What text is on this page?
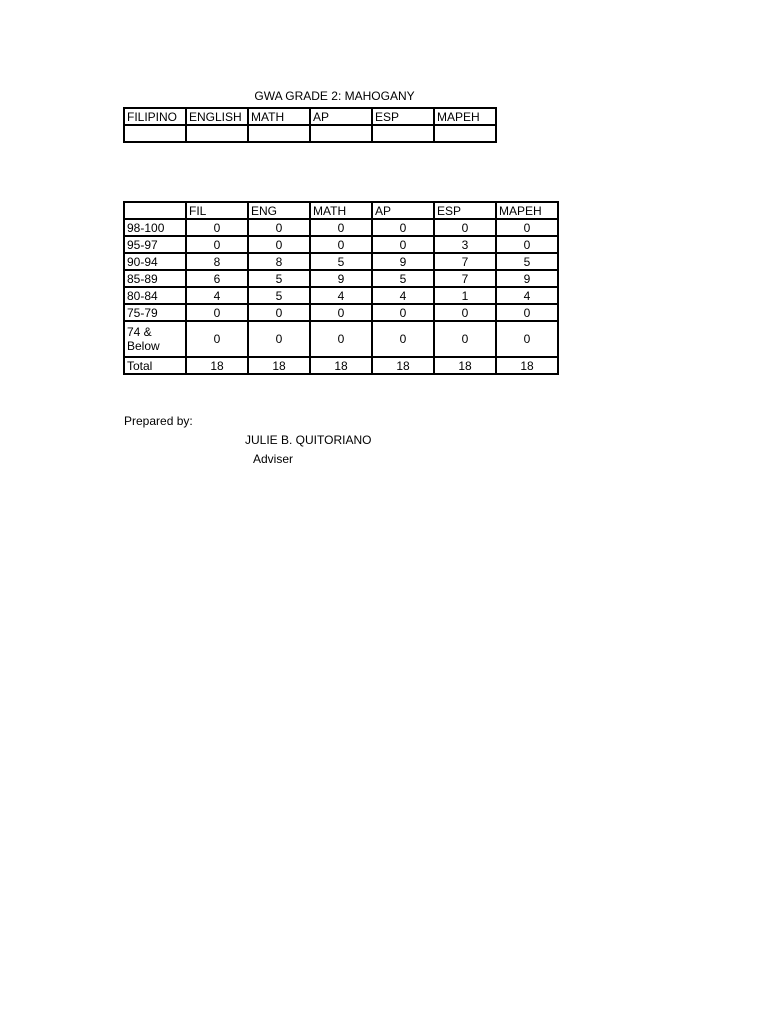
GWA GRADE 2: MAHOGANY
FILIPINO	ENGLISH	MATH	AP	ESP	MAPEH

	FIL	ENG	MATH	AP	ESP	MAPEH
98-100	0	0	0	0	0	0
95-97	0	0	0	0	3	0
90-94	8	8	5	9	7	5
85-89	6	5	9	5	7	9
80-84	4	5	4	4	1	4
75-79	0	0	0	0	0	0
74 & Below	0	0	0	0	0	0
Total	18	18	18	18	18	18
Prepared by:
JULIE B. QUITORIANO
Adviser
